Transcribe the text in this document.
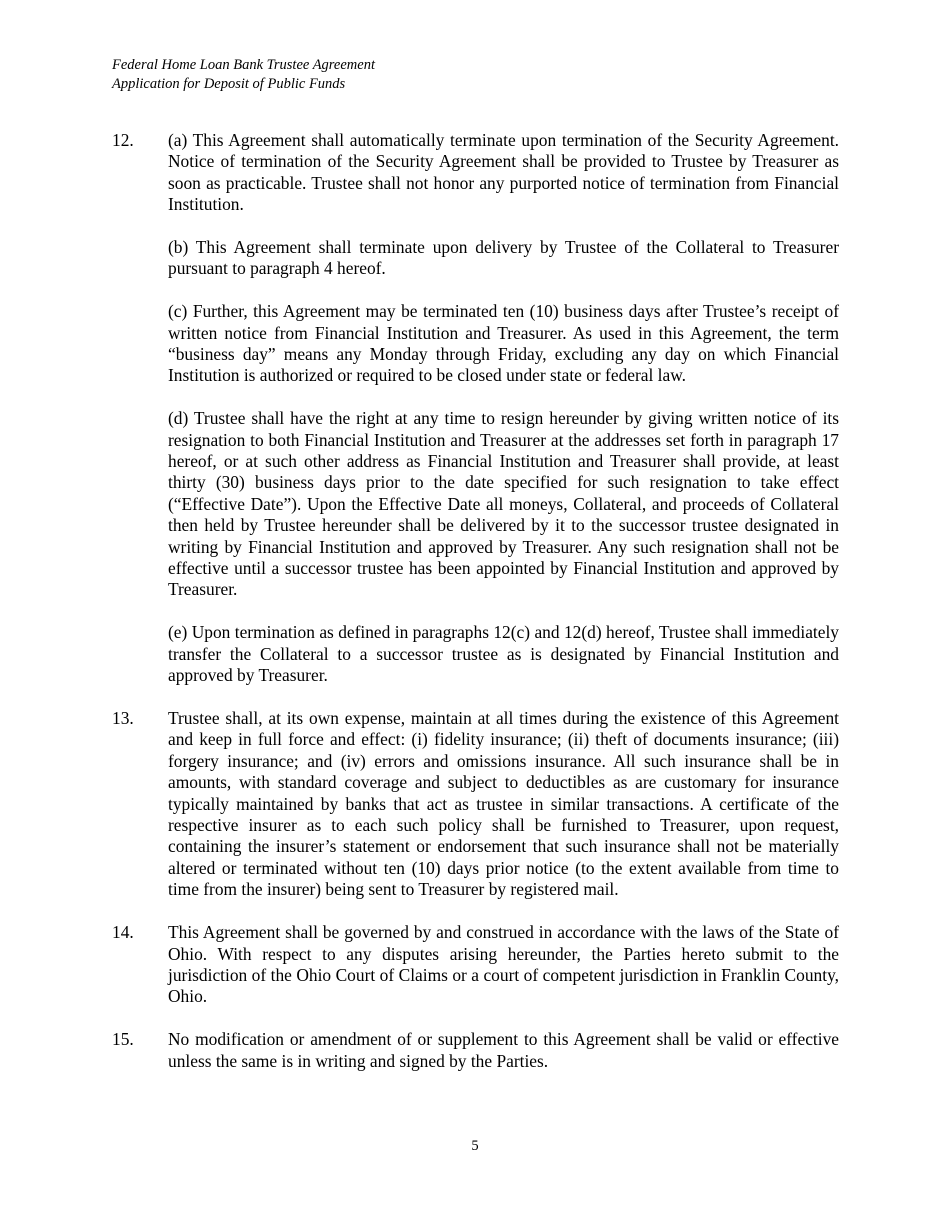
Federal Home Loan Bank Trustee Agreement
Application for Deposit of Public Funds
12.	(a) This Agreement shall automatically terminate upon termination of the Security Agreement. Notice of termination of the Security Agreement shall be provided to Trustee by Treasurer as soon as practicable. Trustee shall not honor any purported notice of termination from Financial Institution.

(b) This Agreement shall terminate upon delivery by Trustee of the Collateral to Treasurer pursuant to paragraph 4 hereof.

(c) Further, this Agreement may be terminated ten (10) business days after Trustee’s receipt of written notice from Financial Institution and Treasurer. As used in this Agreement, the term “business day” means any Monday through Friday, excluding any day on which Financial Institution is authorized or required to be closed under state or federal law.

(d) Trustee shall have the right at any time to resign hereunder by giving written notice of its resignation to both Financial Institution and Treasurer at the addresses set forth in paragraph 17 hereof, or at such other address as Financial Institution and Treasurer shall provide, at least thirty (30) business days prior to the date specified for such resignation to take effect (“Effective Date”). Upon the Effective Date all moneys, Collateral, and proceeds of Collateral then held by Trustee hereunder shall be delivered by it to the successor trustee designated in writing by Financial Institution and approved by Treasurer. Any such resignation shall not be effective until a successor trustee has been appointed by Financial Institution and approved by Treasurer.

(e) Upon termination as defined in paragraphs 12(c) and 12(d) hereof, Trustee shall immediately transfer the Collateral to a successor trustee as is designated by Financial Institution and approved by Treasurer.

13.	Trustee shall, at its own expense, maintain at all times during the existence of this Agreement and keep in full force and effect: (i) fidelity insurance; (ii) theft of documents insurance; (iii) forgery insurance; and (iv) errors and omissions insurance. All such insurance shall be in amounts, with standard coverage and subject to deductibles as are customary for insurance typically maintained by banks that act as trustee in similar transactions. A certificate of the respective insurer as to each such policy shall be furnished to Treasurer, upon request, containing the insurer’s statement or endorsement that such insurance shall not be materially altered or terminated without ten (10) days prior notice (to the extent available from time to time from the insurer) being sent to Treasurer by registered mail.

14.	This Agreement shall be governed by and construed in accordance with the laws of the State of Ohio. With respect to any disputes arising hereunder, the Parties hereto submit to the jurisdiction of the Ohio Court of Claims or a court of competent jurisdiction in Franklin County, Ohio.

15.	No modification or amendment of or supplement to this Agreement shall be valid or effective unless the same is in writing and signed by the Parties.

5
